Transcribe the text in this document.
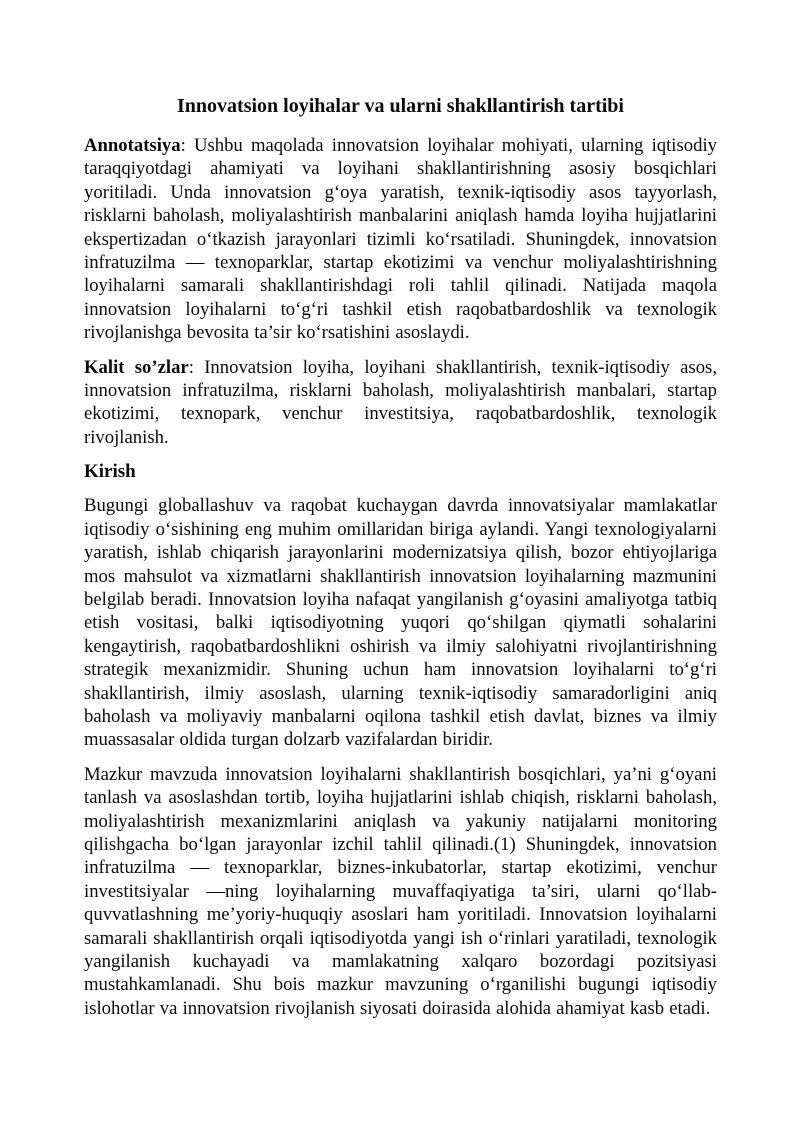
Innovatsion loyihalar va ularni shakllantirish tartibi

Annotatsiya: Ushbu maqolada innovatsion loyihalar mohiyati, ularning iqtisodiy taraqqiyotdagi ahamiyati va loyihani shakllantirishning asosiy bosqichlari yoritiladi. Unda innovatsion g‘oya yaratish, texnik-iqtisodiy asos tayyorlash, risklarni baholash, moliyalashtirish manbalarini aniqlash hamda loyiha hujjatlarini ekspertizadan o‘tkazish jarayonlari tizimli ko‘rsatiladi. Shuningdek, innovatsion infratuzilma — texnoparklar, startap ekotizimi va venchur moliyalashtirishning loyihalarni samarali shakllantirishdagi roli tahlil qilinadi. Natijada maqola innovatsion loyihalarni to‘g‘ri tashkil etish raqobatbardoshlik va texnologik rivojlanishga bevosita ta’sir ko‘rsatishini asoslaydi.

Kalit so’zlar: Innovatsion loyiha, loyihani shakllantirish, texnik-iqtisodiy asos, innovatsion infratuzilma, risklarni baholash, moliyalashtirish manbalari, startap ekotizimi, texnopark, venchur investitsiya, raqobatbardoshlik, texnologik rivojlanish.

Kirish

Bugungi globallashuv va raqobat kuchaygan davrda innovatsiyalar mamlakatlar iqtisodiy o‘sishining eng muhim omillaridan biriga aylandi. Yangi texnologiyalarni yaratish, ishlab chiqarish jarayonlarini modernizatsiya qilish, bozor ehtiyojlariga mos mahsulot va xizmatlarni shakllantirish innovatsion loyihalarning mazmunini belgilab beradi. Innovatsion loyiha nafaqat yangilanish g‘oyasini amaliyotga tatbiq etish vositasi, balki iqtisodiyotning yuqori qo‘shilgan qiymatli sohalarini kengaytirish, raqobatbardoshlikni oshirish va ilmiy salohiyatni rivojlantirishning strategik mexanizmidir. Shuning uchun ham innovatsion loyihalarni to‘g‘ri shakllantirish, ilmiy asoslash, ularning texnik-iqtisodiy samaradorligini aniq baholash va moliyaviy manbalarni oqilona tashkil etish davlat, biznes va ilmiy muassasalar oldida turgan dolzarb vazifalardan biridir.

Mazkur mavzuda innovatsion loyihalarni shakllantirish bosqichlari, ya’ni g‘oyani tanlash va asoslashdan tortib, loyiha hujjatlarini ishlab chiqish, risklarni baholash, moliyalashtirish mexanizmlarini aniqlash va yakuniy natijalarni monitoring qilishgacha bo‘lgan jarayonlar izchil tahlil qilinadi.(1) Shuningdek, innovatsion infratuzilma — texnoparklar, biznes-inkubatorlar, startap ekotizimi, venchur investitsiyalar —ning loyihalarning muvaffaqiyatiga ta’siri, ularni qo‘llab-quvvatlashning me’yoriy-huquqiy asoslari ham yoritiladi. Innovatsion loyihalarni samarali shakllantirish orqali iqtisodiyotda yangi ish o‘rinlari yaratiladi, texnologik yangilanish kuchayadi va mamlakatning xalqaro bozordagi pozitsiyasi mustahkamlanadi. Shu bois mazkur mavzuning o‘rganilishi bugungi iqtisodiy islohotlar va innovatsion rivojlanish siyosati doirasida alohida ahamiyat kasb etadi.
